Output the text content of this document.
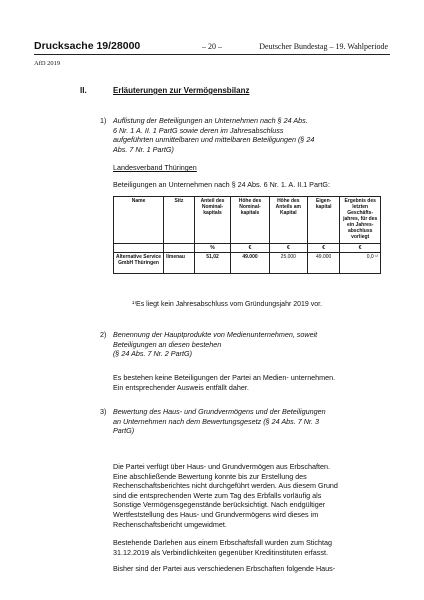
Drucksache 19/28000	– 20 –	Deutscher Bundestag – 19. Wahlperiode
AfD 2019
II.	Erläuterungen zur Vermögensbilanz
1) Auflistung der Beteiligungen an Unternehmen nach § 24 Abs.
6 Nr. 1 A. II. 1 PartG sowie deren im Jahresabschluss
aufgeführten unmittelbaren und mittelbaren Beteiligungen (§ 24
Abs. 7 Nr. 1 PartG)
Landesverband Thüringen
Beteiligungen an Unternehmen nach § 24 Abs. 6 Nr. 1. A. II.1 PartG:
Name	Sitz	Anteil des Nominal-kapitals	Höhe des Nominal-kapitals	Höhe des Anteils am Kapital	Eigen-kapital	Ergebnis des letzten Geschäfts-jahres, für des ein Jahres-abschluss vorliegt
		%	€	€	€	€
Alternative Service GmbH Thüringen	Ilmenau	51,02	49.000	25.000	49.000	0,0 ¹⁾
¹⁾Es liegt kein Jahresabschluss vom Gründungsjahr 2019 vor.
2) Benennung der Hauptprodukte von Medienunternehmen, soweit
Beteiligungen an diesen bestehen
(§ 24 Abs. 7 Nr. 2 PartG)
Es bestehen keine Beteiligungen der Partei an Medien- unternehmen.
Ein entsprechender Ausweis entfällt daher.
3) Bewertung des Haus- und Grundvermögens und der Beteiligungen
an Unternehmen nach dem Bewertungsgesetz (§ 24 Abs. 7 Nr. 3
PartG)
Die Partei verfügt über Haus- und Grundvermögen aus Erbschaften.
Eine abschließende Bewertung konnte bis zur Erstellung des
Rechenschaftsberichtes nicht durchgeführt werden. Aus diesem Grund
sind die entsprechenden Werte zum Tag des Erbfalls vorläufig als
Sonstige Vermögensgegenstände berücksichtigt. Nach endgültiger
Wertfeststellung des Haus- und Grundvermögens wird dieses im
Rechenschaftsbericht umgewidmet.
Bestehende Darlehen aus einem Erbschaftsfall wurden zum Stichtag
31.12.2019 als Verbindlichkeiten gegenüber Kreditinstituten erfasst.
Bisher sind der Partei aus verschiedenen Erbschaften folgende Haus-
